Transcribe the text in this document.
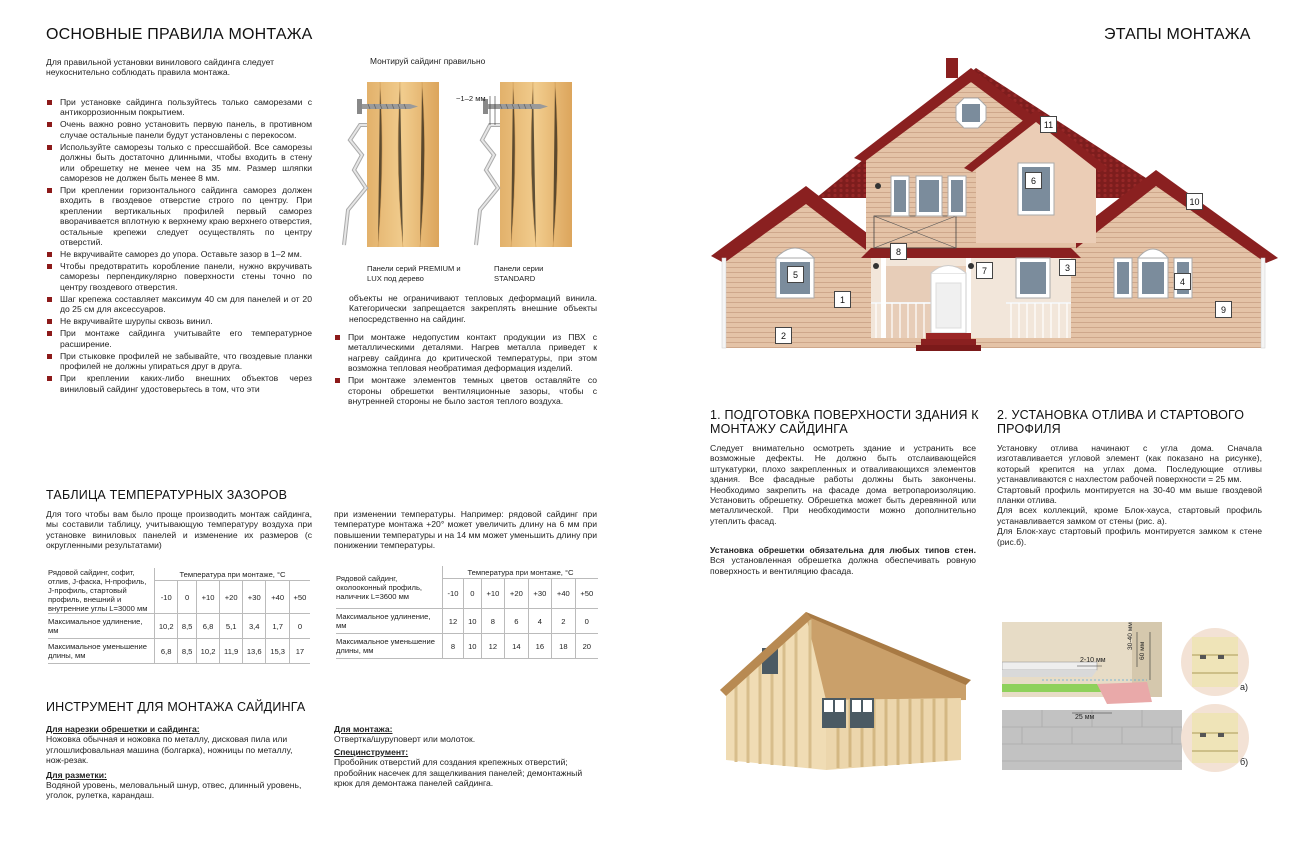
ОСНОВНЫЕ ПРАВИЛА МОНТАЖА

Для правильной установки винилового сайдинга следует неукоснительно соблюдать правила монтажа.

При установке сайдинга пользуйтесь только саморезами с антикоррозионным покрытием.
Очень важно ровно установить первую панель, в противном случае остальные панели будут установлены с перекосом.
Используйте саморезы только с прессшайбой. Все саморезы должны быть достаточно длинными, чтобы входить в стену или обрешетку не менее чем на 35 мм. Размер шляпки саморезов не должен быть менее 8 мм.
При креплении горизонтального сайдинга саморез должен входить в гвоздевое отверстие строго по центру. При креплении вертикальных профилей первый саморез вворачивается вплотную к верхнему краю верхнего отверстия, остальные крепежи следует осуществлять по центру отверстий.
Не вкручивайте саморез до упора. Оставьте зазор в 1–2 мм.
Чтобы предотвратить коробление панели, нужно вкручивать саморезы перпендикулярно поверхности стены точно по центру гвоздевого отверстия.
Шаг крепежа составляет максимум 40 см для панелей и от 20 до 25 см для аксессуаров.
Не вкручивайте шурупы сквозь винил.
При монтаже сайдинга учитывайте его температурное расширение.
При стыковке профилей не забывайте, что гвоздевые планки профилей не должны упираться друг в друга.
При креплении каких-либо внешних объектов через виниловый сайдинг удостоверьтесь в том, что эти
Монтируй сайдинг правильно
~1–2 мм
Панели серий PREMIUM и LUX под дерево
Панели серии STANDARD

объекты не ограничивают тепловых деформаций винила. Категорически запрещается закреплять внешние объекты непосредственно на сайдинг.

При монтаже недопустим контакт продукции из ПВХ с металлическими деталями. Нагрев металла приведет к нагреву сайдинга до критической температуры, при этом возможна тепловая необратимая деформация изделий.
При монтаже элементов темных цветов оставляйте со стороны обрешетки вентиляционные зазоры, чтобы с внутренней стороны не было застоя теплого воздуха.
ТАБЛИЦА ТЕМПЕРАТУРНЫХ ЗАЗОРОВ

Для того чтобы вам было проще производить монтаж сайдинга, мы составили таблицу, учитывающую температуру воздуха при установке виниловых панелей и изменение их размеров (с округленными результатами)

при изменении температуры. Например: рядовой сайдинг при температуре монтажа +20° может увеличить длину на 6 мм при повышении температуры и на 14 мм может уменьшить длину при понижении температуры.

Рядовой сайдинг, софит, отлив, J-фаска, Н-профиль, J-профиль, стартовый профиль, внешний и внутренние углы L=3000 мм	Температура при монтаже, °С						
	-10	0	+10	+20	+30	+40	+50
Максимальное удлинение, мм	10,2	8,5	6,8	5,1	3,4	1,7	0
Максимальное уменьшение длины, мм	6,8	8,5	10,2	11,9	13,6	15,3	17
Рядовой сайдинг, околооконный профиль, наличник L=3600 мм	Температура при монтаже, °С						
	-10	0	+10	+20	+30	+40	+50
Максимальное удлинение, мм	12	10	8	6	4	2	0
Максимальное уменьшение длины, мм	8	10	12	14	16	18	20
ИНСТРУМЕНТ ДЛЯ МОНТАЖА САЙДИНГА
Для нарезки обрешетки и сайдинга:
Ножовка обычная и ножовка по металлу, дисковая пила или углошлифовальная машина (болгарка), ножницы по металлу, нож-резак.
Для разметки:
Водяной уровень, меловальный шнур, отвес, длинный уровень, уголок, рулетка, карандаш.
Для монтажа:
Отвертка/шуруповерт или молоток.
Специнструмент:
Пробойник отверстий для создания крепежных отверстий; пробойник насечек для защелкивания панелей; демонтажный крюк для демонтажа панелей сайдинга.
ЭТАПЫ МОНТАЖА
1
2
3
4
5
6
7
8
9
10
11
1. ПОДГОТОВКА ПОВЕРХНОСТИ ЗДАНИЯ К МОНТАЖУ САЙДИНГА

Следует внимательно осмотреть здание и устранить все возможные дефекты. Не должно быть отслаивающейся штукатурки, плохо закрепленных и отваливающихся элементов здания. Все фасадные работы должны быть закончены. Необходимо закрепить на фасаде дома ветропароизоляцию. Установить обрешетку. Обрешетка может быть деревянной или металлической. При необходимости можно дополнительно утеплить фасад.

Установка обрешетки обязательна для любых типов стен. Вся установленная обрешетка должна обеспечивать ровную поверхность и вентиляцию фасада.

2. УСТАНОВКА ОТЛИВА И СТАРТОВОГО ПРОФИЛЯ

Установку отлива начинают с угла дома. Сначала изготавливается угловой элемент (как показано на рисунке), который крепится на углах дома. Последующие отливы устанавливаются с нахлестом рабочей поверхности = 25 мм.

Стартовый профиль монтируется на 30-40 мм выше гвоздевой планки отлива.

Для всех коллекций, кроме Блок-хауса, стартовый профиль устанавливается замком от стены (рис. а).

Для Блок-хаус стартовый профиль монтируется замком к стене (рис.б).

30-40 мм
60 мм
2-10 мм
25 мм
а)
б)
